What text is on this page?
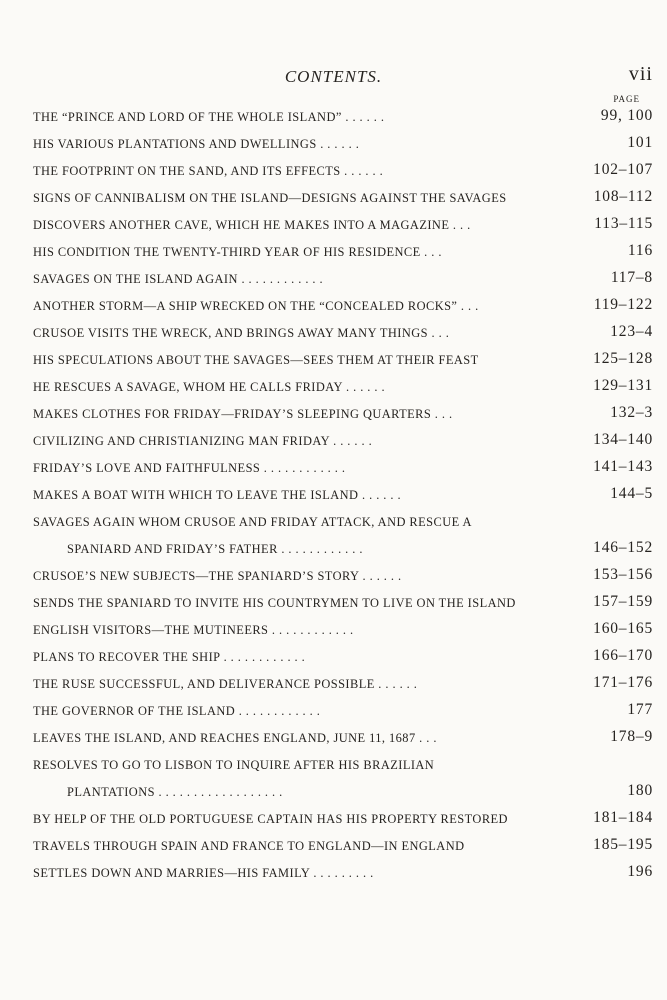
CONTENTS.	vii
PAGE
THE “PRINCE AND LORD OF THE WHOLE ISLAND” . . . . . .	99, 100
HIS VARIOUS PLANTATIONS AND DWELLINGS . . . . . .	101
THE FOOTPRINT ON THE SAND, AND ITS EFFECTS . . . . . .	102–107
SIGNS OF CANNIBALISM ON THE ISLAND—DESIGNS AGAINST THE SAVAGES	108–112
DISCOVERS ANOTHER CAVE, WHICH HE MAKES INTO A MAGAZINE . . .	113–115
HIS CONDITION THE TWENTY-THIRD YEAR OF HIS RESIDENCE . . .	116
SAVAGES ON THE ISLAND AGAIN . . . . . . . . . . . .	117–8
ANOTHER STORM—A SHIP WRECKED ON THE “CONCEALED ROCKS” . . .	119–122
CRUSOE VISITS THE WRECK, AND BRINGS AWAY MANY THINGS . . .	123–4
HIS SPECULATIONS ABOUT THE SAVAGES—SEES THEM AT THEIR FEAST	125–128
HE RESCUES A SAVAGE, WHOM HE CALLS FRIDAY . . . . . .	129–131
MAKES CLOTHES FOR FRIDAY—FRIDAY’S SLEEPING QUARTERS . . .	132–3
CIVILIZING AND CHRISTIANIZING MAN FRIDAY . . . . . .	134–140
FRIDAY’S LOVE AND FAITHFULNESS . . . . . . . . . . . .	141–143
MAKES A BOAT WITH WHICH TO LEAVE THE ISLAND . . . . . .	144–5
SAVAGES AGAIN WHOM CRUSOE AND FRIDAY ATTACK, AND RESCUE A
SPANIARD AND FRIDAY’S FATHER . . . . . . . . . . . .	146–152
CRUSOE’S NEW SUBJECTS—THE SPANIARD’S STORY . . . . . .	153–156
SENDS THE SPANIARD TO INVITE HIS COUNTRYMEN TO LIVE ON THE ISLAND	157–159
ENGLISH VISITORS—THE MUTINEERS . . . . . . . . . . . .	160–165
PLANS TO RECOVER THE SHIP . . . . . . . . . . . .	166–170
THE RUSE SUCCESSFUL, AND DELIVERANCE POSSIBLE . . . . . .	171–176
THE GOVERNOR OF THE ISLAND . . . . . . . . . . . .	177
LEAVES THE ISLAND, AND REACHES ENGLAND, JUNE 11, 1687 . . .	178–9
RESOLVES TO GO TO LISBON TO INQUIRE AFTER HIS BRAZILIAN
PLANTATIONS . . . . . . . . . . . . . . . . . .	180
BY HELP OF THE OLD PORTUGUESE CAPTAIN HAS HIS PROPERTY RESTORED	181–184
TRAVELS THROUGH SPAIN AND FRANCE TO ENGLAND—IN ENGLAND	185–195
SETTLES DOWN AND MARRIES—HIS FAMILY . . . . . . . . .	196
